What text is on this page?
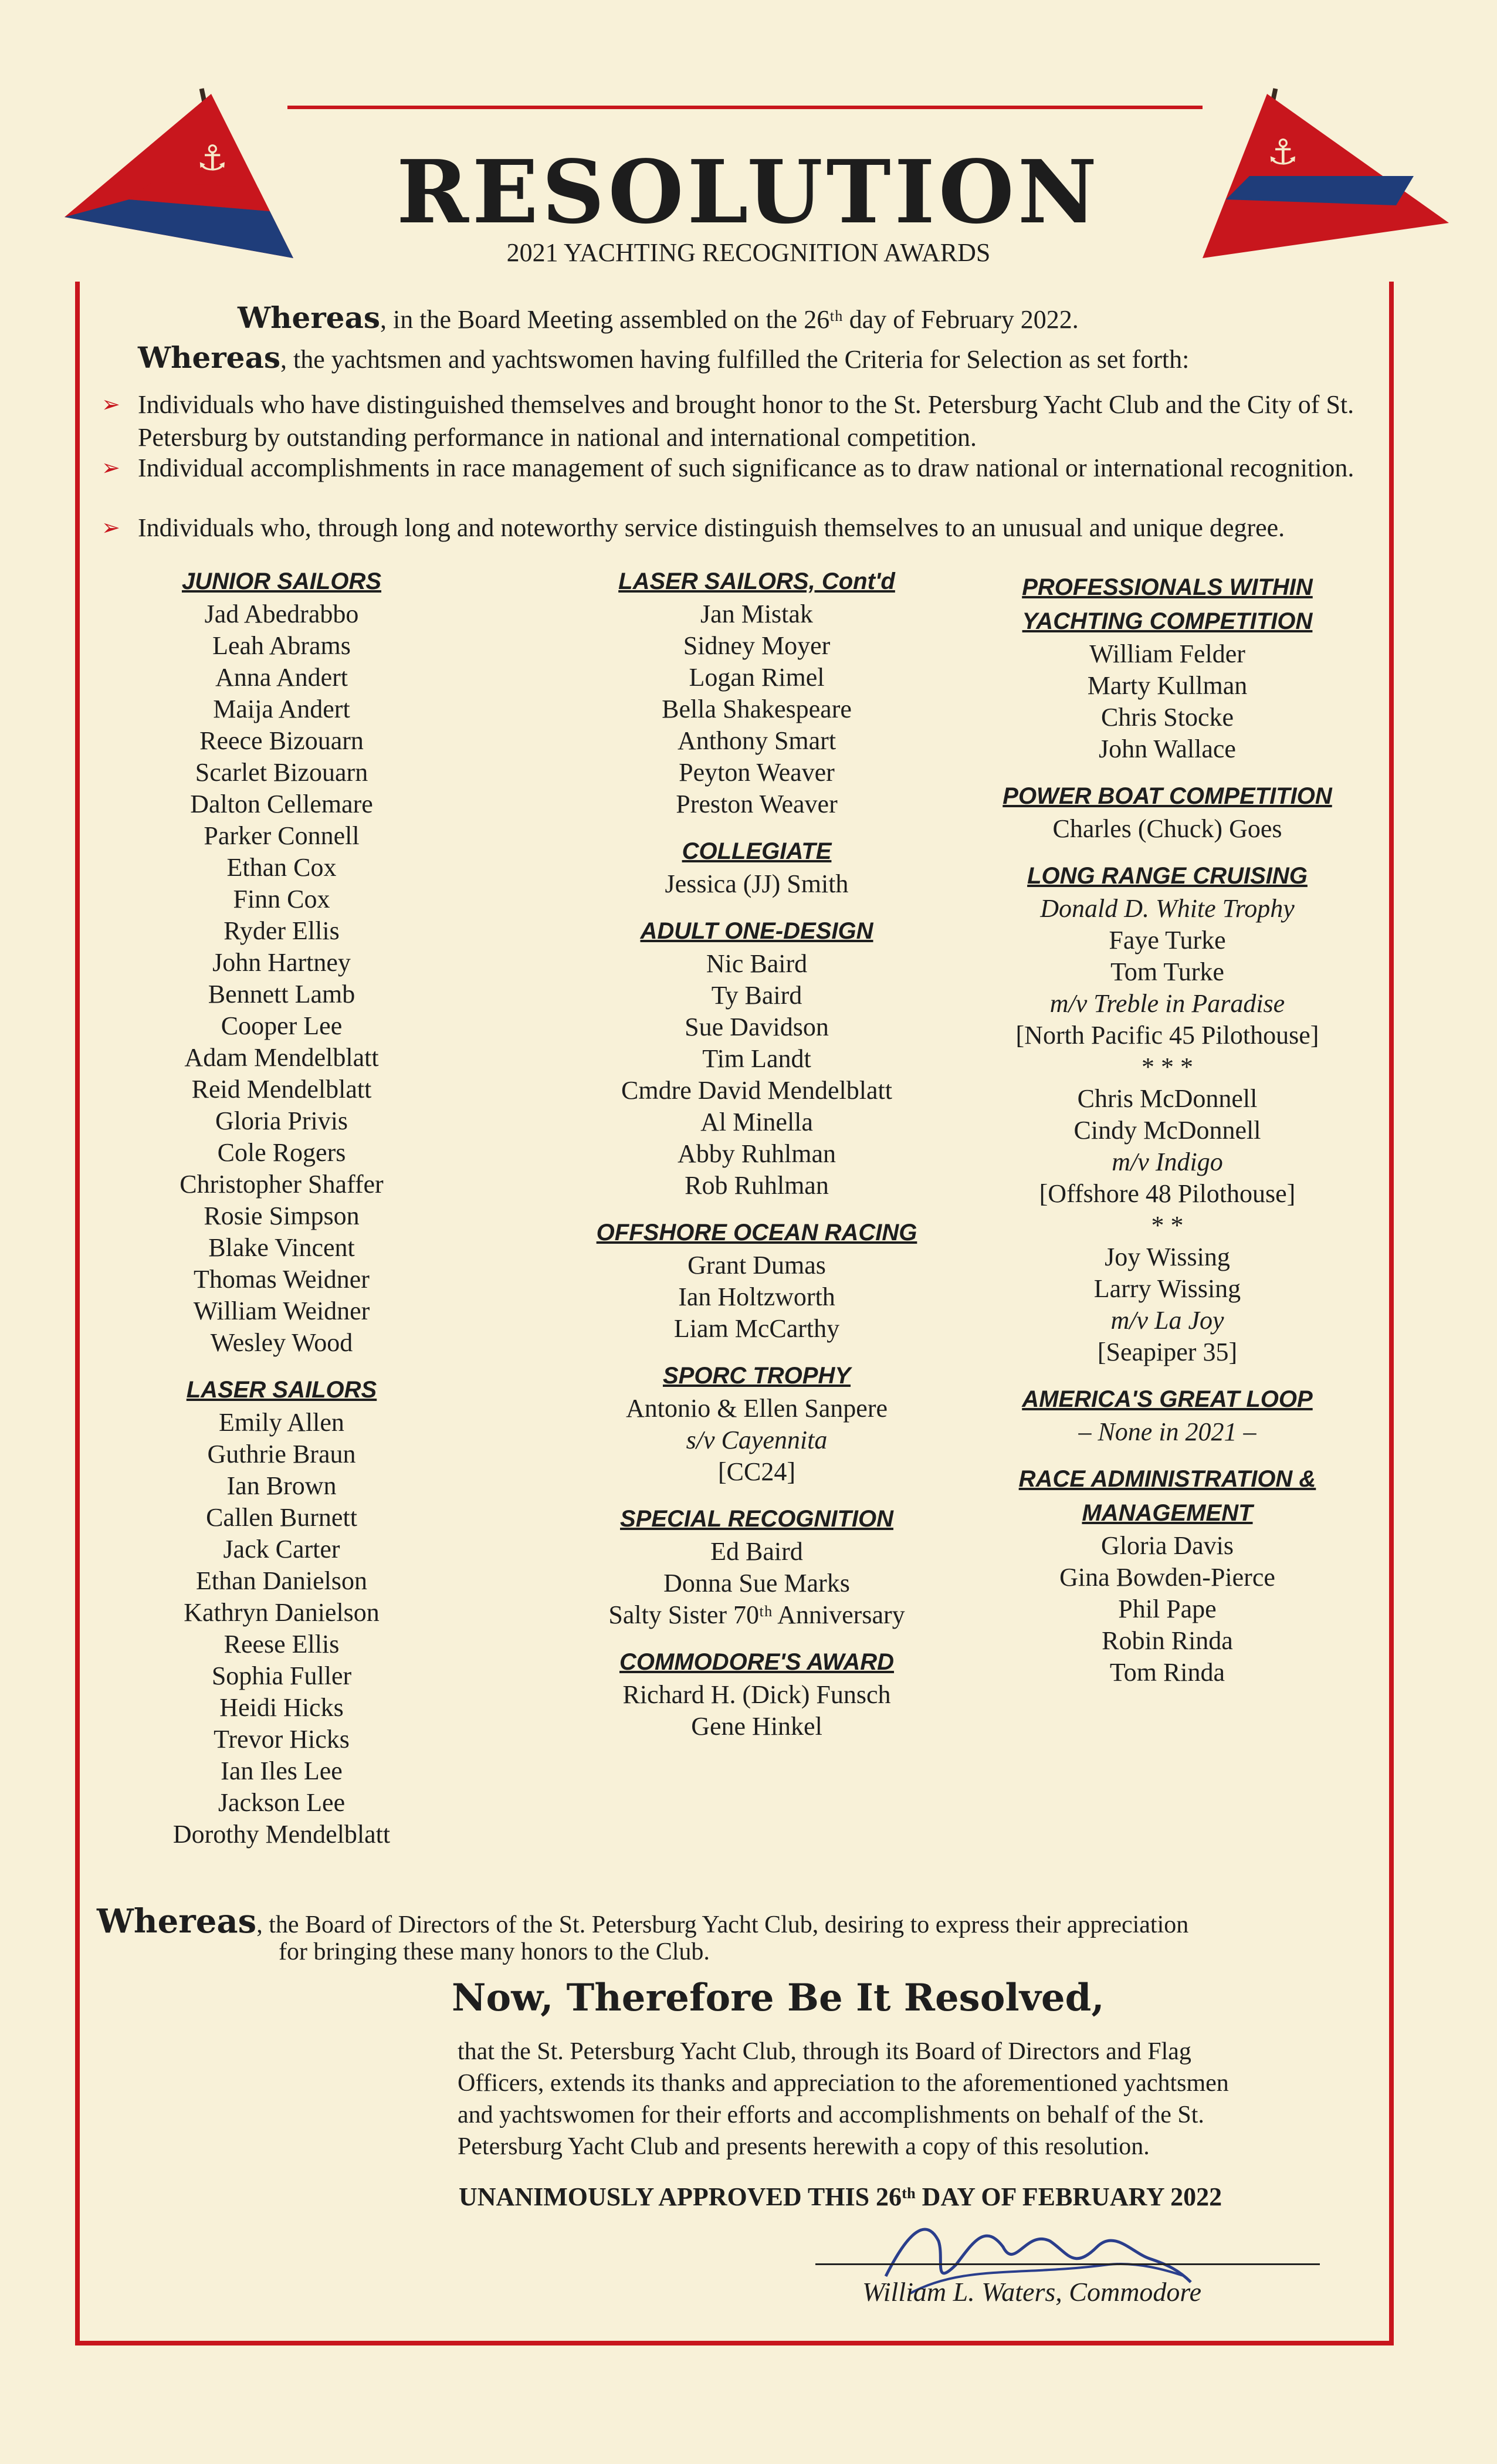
⚓	⚓
RESOLUTION
2021 YACHTING RECOGNITION AWARDS
Whereas, in the Board Meeting assembled on the 26ᵗʰ day of February 2022.
Whereas, the yachtsmen and yachtswomen having fulfilled the Criteria for Selection as set forth:
➢ Individuals who have distinguished themselves and brought honor to the St. Petersburg Yacht Club and the City of St. Petersburg by outstanding performance in national and international competition.
➢ Individual accomplishments in race management of such significance as to draw national or international recognition.
➢ Individuals who, through long and noteworthy service distinguish themselves to an unusual and unique degree.
JUNIOR SAILORS
Jad Abedrabbo
Leah Abrams
Anna Andert
Maija Andert
Reece Bizouarn
Scarlet Bizouarn
Dalton Cellemare
Parker Connell
Ethan Cox
Finn Cox
Ryder Ellis
John Hartney
Bennett Lamb
Cooper Lee
Adam Mendelblatt
Reid Mendelblatt
Gloria Privis
Cole Rogers
Christopher Shaffer
Rosie Simpson
Blake Vincent
Thomas Weidner
William Weidner
Wesley Wood
LASER SAILORS
Emily Allen
Guthrie Braun
Ian Brown
Callen Burnett
Jack Carter
Ethan Danielson
Kathryn Danielson
Reese Ellis
Sophia Fuller
Heidi Hicks
Trevor Hicks
Ian Iles Lee
Jackson Lee
Dorothy Mendelblatt
LASER SAILORS, Cont'd
Jan Mistak
Sidney Moyer
Logan Rimel
Bella Shakespeare
Anthony Smart
Peyton Weaver
Preston Weaver
COLLEGIATE
Jessica (JJ) Smith
ADULT ONE-DESIGN
Nic Baird
Ty Baird
Sue Davidson
Tim Landt
Cmdre David Mendelblatt
Al Minella
Abby Ruhlman
Rob Ruhlman
OFFSHORE OCEAN RACING
Grant Dumas
Ian Holtzworth
Liam McCarthy
SPORC TROPHY
Antonio & Ellen Sanpere
s/v Cayennita
[CC24]
SPECIAL RECOGNITION
Ed Baird
Donna Sue Marks
Salty Sister 70ᵗʰ Anniversary
COMMODORE'S AWARD
Richard H. (Dick) Funsch
Gene Hinkel
PROFESSIONALS WITHIN
YACHTING COMPETITION
William Felder
Marty Kullman
Chris Stocke
John Wallace
POWER BOAT COMPETITION
Charles (Chuck) Goes
LONG RANGE CRUISING
Donald D. White Trophy
Faye Turke
Tom Turke
m/v Treble in Paradise
[North Pacific 45 Pilothouse]
* * *
Chris McDonnell
Cindy McDonnell
m/v Indigo
[Offshore 48 Pilothouse]
* *
Joy Wissing
Larry Wissing
m/v La Joy
[Seapiper 35]
AMERICA'S GREAT LOOP
– None in 2021 –
RACE ADMINISTRATION &
MANAGEMENT
Gloria Davis
Gina Bowden-Pierce
Phil Pape
Robin Rinda
Tom Rinda
Whereas, the Board of Directors of the St. Petersburg Yacht Club, desiring to express their appreciation
for bringing these many honors to the Club.
Now, Therefore Be It Resolved,
that the St. Petersburg Yacht Club, through its Board of Directors and Flag
Officers, extends its thanks and appreciation to the aforementioned yachtsmen
and yachtswomen for their efforts and accomplishments on behalf of the St.
Petersburg Yacht Club and presents herewith a copy of this resolution.
UNANIMOUSLY APPROVED THIS 26ᵗʰ DAY OF FEBRUARY 2022
William L. Waters, Commodore
